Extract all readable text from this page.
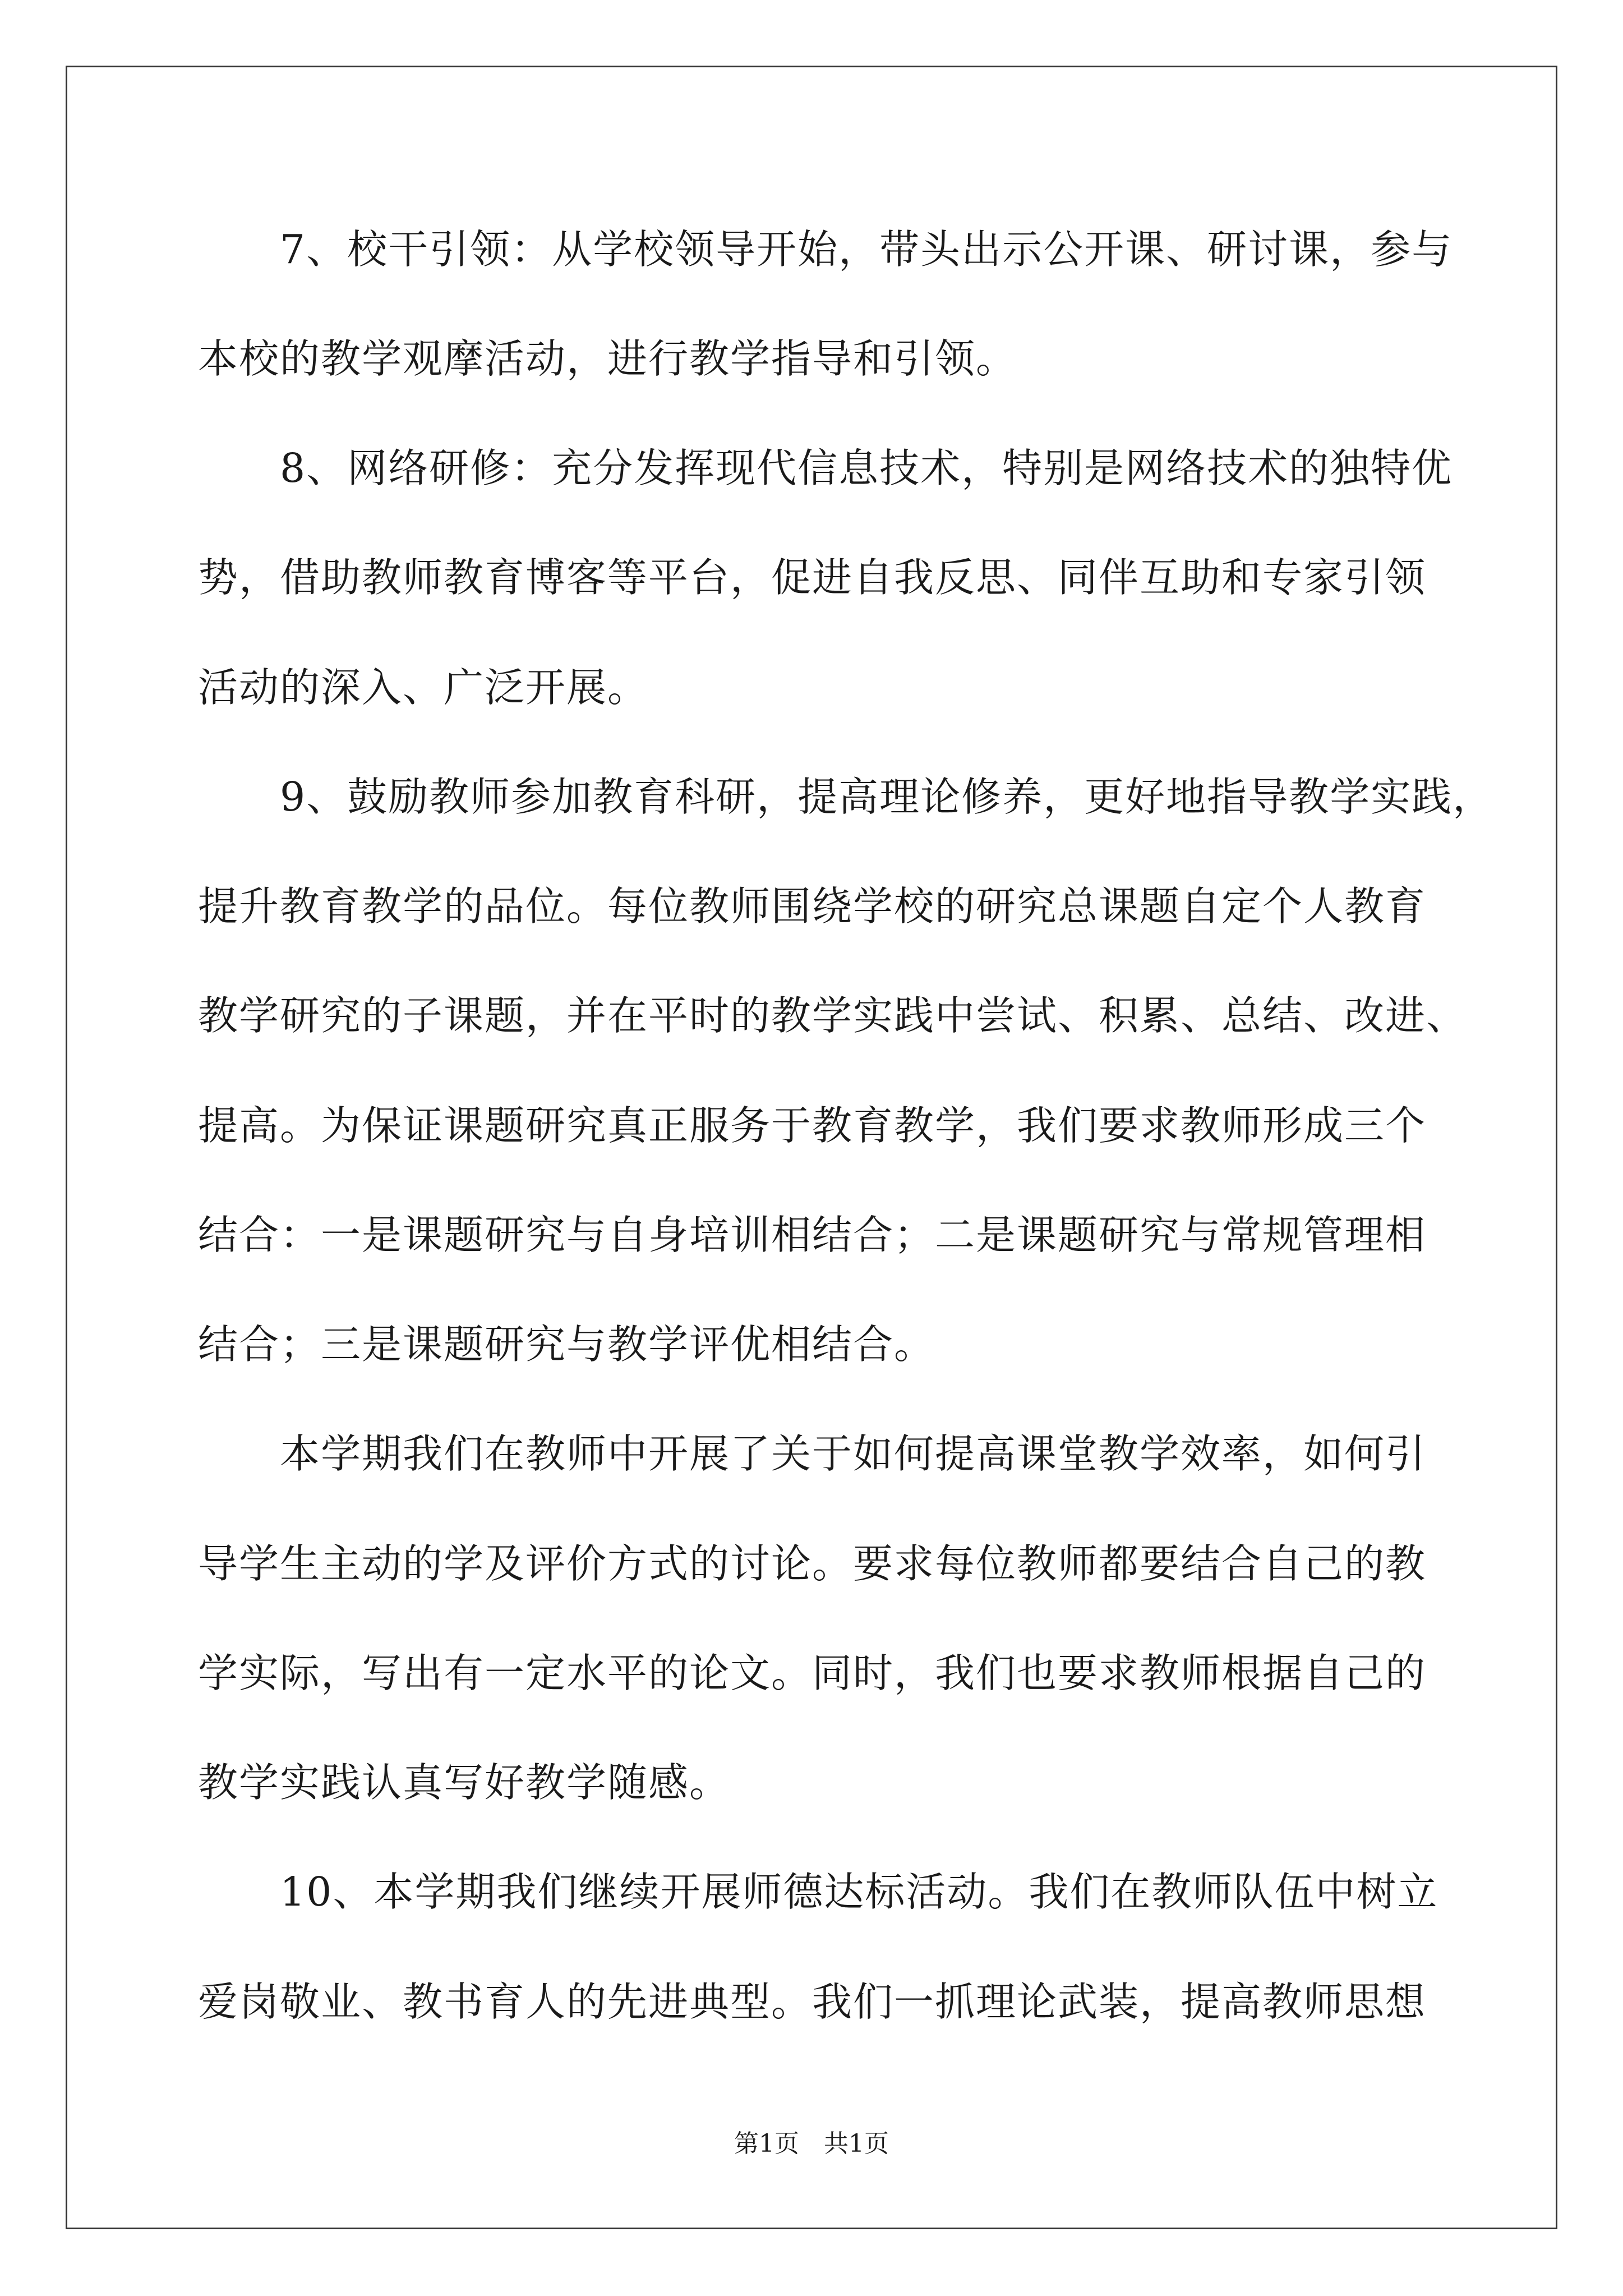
　　7、校干引领：从学校领导开始，带头出示公开课、研讨课，参与
本校的教学观摩活动，进行教学指导和引领。
　　8、网络研修：充分发挥现代信息技术，特别是网络技术的独特优
势，借助教师教育博客等平台，促进自我反思、同伴互助和专家引领
活动的深入、广泛开展。
　　9、鼓励教师参加教育科研，提高理论修养，更好地指导教学实践，
提升教育教学的品位。每位教师围绕学校的研究总课题自定个人教育
教学研究的子课题，并在平时的教学实践中尝试、积累、总结、改进、
提高。为保证课题研究真正服务于教育教学，我们要求教师形成三个
结合：一是课题研究与自身培训相结合；二是课题研究与常规管理相
结合；三是课题研究与教学评优相结合。
　　本学期我们在教师中开展了关于如何提高课堂教学效率，如何引
导学生主动的学及评价方式的讨论。要求每位教师都要结合自己的教
学实际，写出有一定水平的论文。同时，我们也要求教师根据自己的
教学实践认真写好教学随感。
　　10、本学期我们继续开展师德达标活动。我们在教师队伍中树立
爱岗敬业、教书育人的先进典型。我们一抓理论武装，提高教师思想
第1页　共1页
